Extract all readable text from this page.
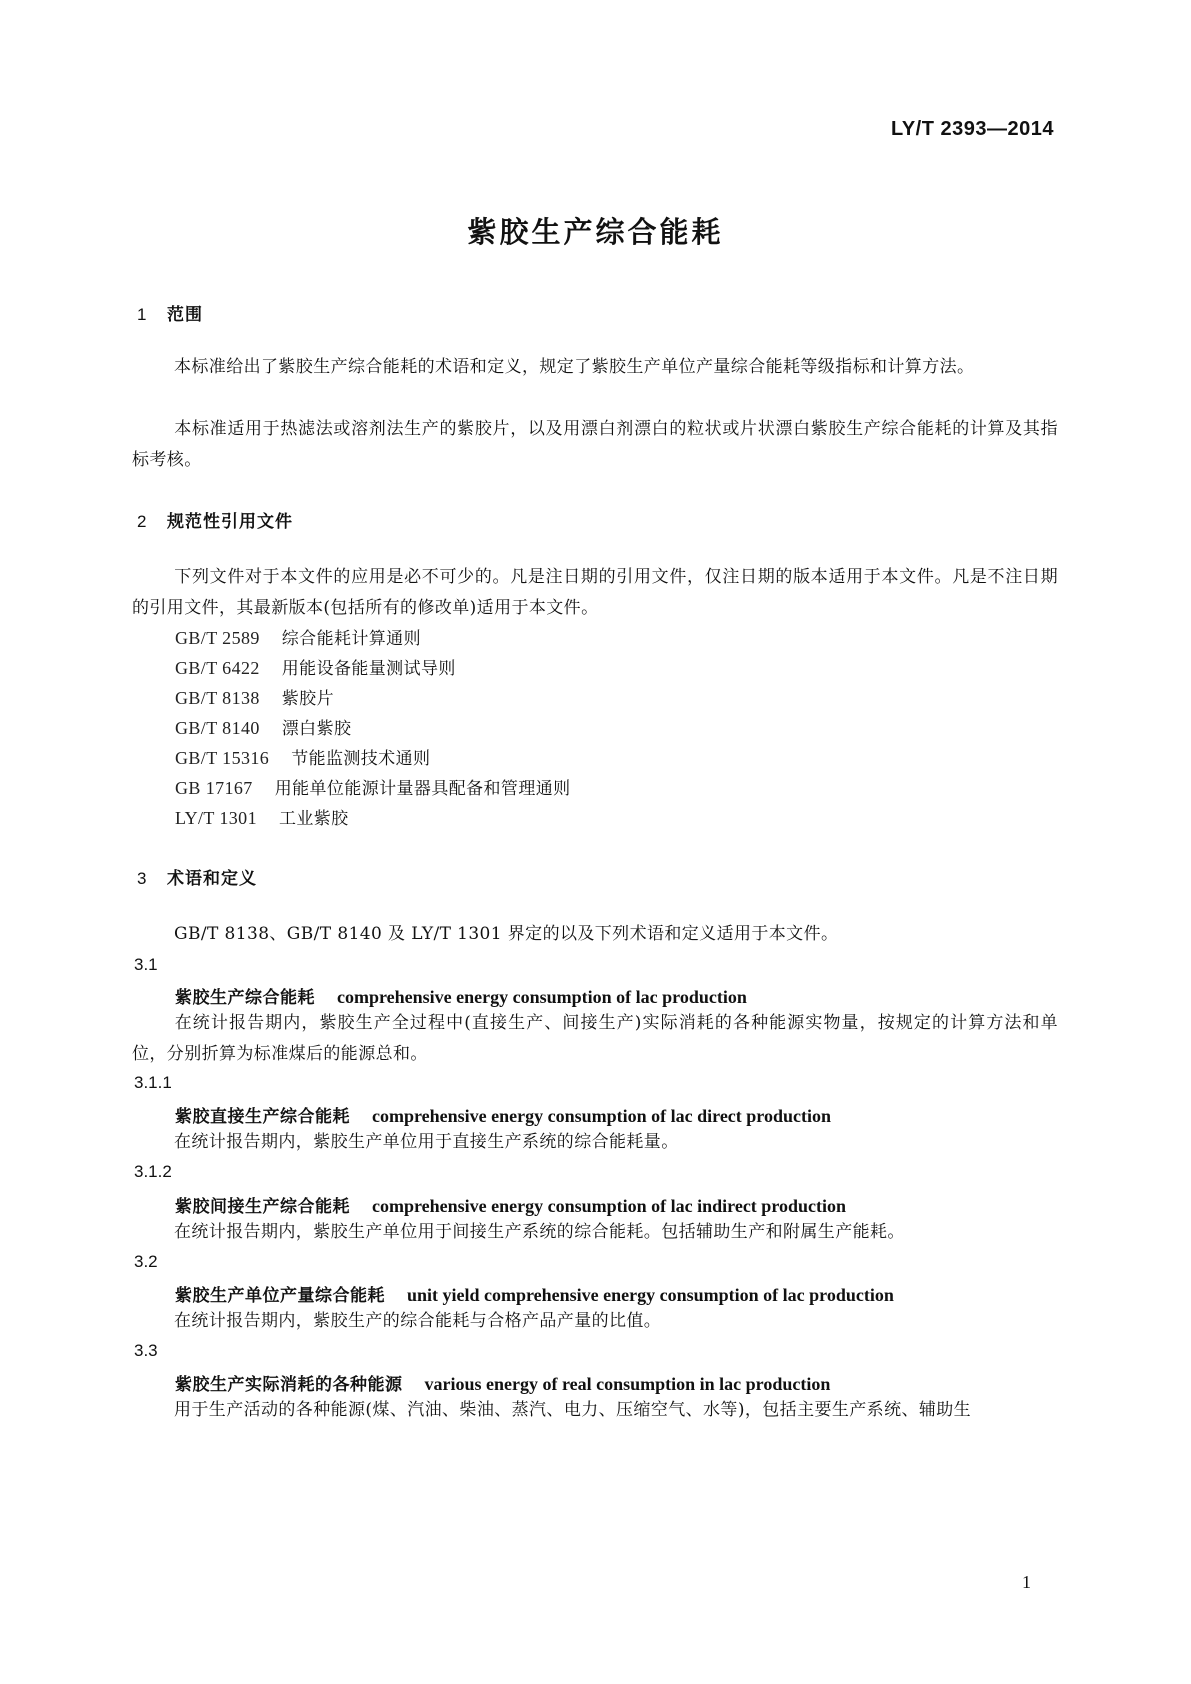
LY/T 2393—2014
紫胶生产综合能耗
1 范围
本标准给出了紫胶生产综合能耗的术语和定义，规定了紫胶生产单位产量综合能耗等级指标和计算方法。
本标准适用于热滤法或溶剂法生产的紫胶片，以及用漂白剂漂白的粒状或片状漂白紫胶生产综合能耗的计算及其指标考核。
2 规范性引用文件
下列文件对于本文件的应用是必不可少的。凡是注日期的引用文件，仅注日期的版本适用于本文件。凡是不注日期的引用文件，其最新版本(包括所有的修改单)适用于本文件。
GB/T 2589 综合能耗计算通则
GB/T 6422 用能设备能量测试导则
GB/T 8138 紫胶片
GB/T 8140 漂白紫胶
GB/T 15316 节能监测技术通则
GB 17167 用能单位能源计量器具配备和管理通则
LY/T 1301 工业紫胶
3 术语和定义
GB/T 8138、GB/T 8140 及 LY/T 1301 界定的以及下列术语和定义适用于本文件。
3.1
紫胶生产综合能耗 comprehensive energy consumption of lac production
在统计报告期内，紫胶生产全过程中(直接生产、间接生产)实际消耗的各种能源实物量，按规定的计算方法和单位，分别折算为标准煤后的能源总和。
3.1.1
紫胶直接生产综合能耗 comprehensive energy consumption of lac direct production
在统计报告期内，紫胶生产单位用于直接生产系统的综合能耗量。
3.1.2
紫胶间接生产综合能耗 comprehensive energy consumption of lac indirect production
在统计报告期内，紫胶生产单位用于间接生产系统的综合能耗。包括辅助生产和附属生产能耗。
3.2
紫胶生产单位产量综合能耗 unit yield comprehensive energy consumption of lac production
在统计报告期内，紫胶生产的综合能耗与合格产品产量的比值。
3.3
紫胶生产实际消耗的各种能源 various energy of real consumption in lac production
用于生产活动的各种能源(煤、汽油、柴油、蒸汽、电力、压缩空气、水等)，包括主要生产系统、辅助生
1
